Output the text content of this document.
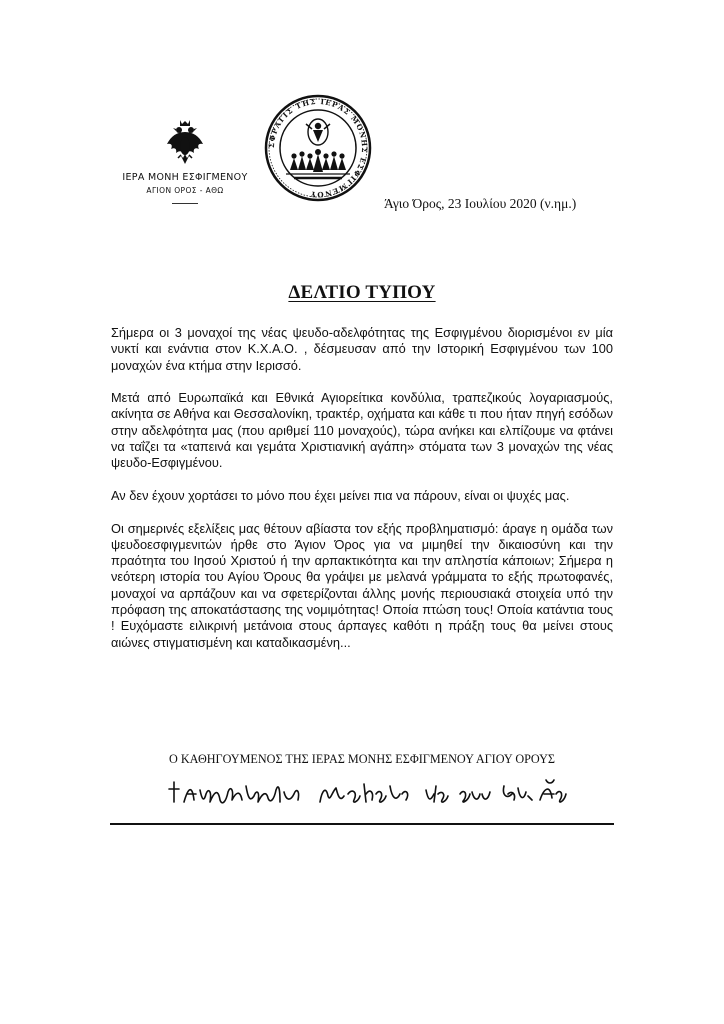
ΙΕΡΑ ΜΟΝΗ ΕΣΦΙΓΜΕΝΟΥ
ΑΓΙΟΝ ΟΡΟΣ - ΑΘΩ
ΣΦΡΑΓΙΣ ΤΗΣ ΙΕΡΑΣ ΜΟΝΗΣ ΕΣΦΙΓΜΕΝΟΥ
Άγιο Όρος, 23 Ιουλίου 2020 (ν.ημ.)
ΔΕΛΤΙΟ ΤΥΠΟΥ

Σήμερα οι 3 μοναχοί της νέας ψευδο-αδελφότητας της Εσφιγμένου διορισμένοι εν μία νυκτί και ενάντια στον Κ.Χ.Α.Ο. , δέσμευσαν από την Ιστορική Εσφιγμένου των 100 μοναχών ένα κτήμα στην Ιερισσό.

Μετά από Ευρωπαϊκά και Εθνικά Αγιορείτικα κονδύλια, τραπεζικούς λογαριασμούς, ακίνητα σε Αθήνα και Θεσσαλονίκη, τρακτέρ, οχήματα και κάθε τι που ήταν πηγή εσόδων στην αδελφότητα μας (που αριθμεί 110 μοναχούς), τώρα ανήκει και ελπίζουμε να φτάνει να ταΐζει τα «ταπεινά και γεμάτα Χριστιανική αγάπη» στόματα των 3 μοναχών της νέας ψευδο-Εσφιγμένου.

Αν δεν έχουν χορτάσει το μόνο που έχει μείνει πια να πάρουν, είναι οι ψυχές μας.

Οι σημερινές εξελίξεις μας θέτουν αβίαστα τον εξής προβληματισμό: άραγε η ομάδα των ψευδοεσφιγμενιτών ήρθε στο Άγιον Όρος για να μιμηθεί την δικαιοσύνη και την πραότητα του Ιησού Χριστού ή την αρπακτικότητα και την απληστία κάποιων; Σήμερα η νεότερη ιστορία του Αγίου Όρους θα γράψει με μελανά γράμματα το εξής πρωτοφανές, μοναχοί να αρπάζουν και να σφετερίζονται άλλης μονής περιουσιακά στοιχεία υπό την πρόφαση της αποκατάστασης της νομιμότητας! Οποία πτώση τους! Οποία κατάντια τους ! Ευχόμαστε ειλικρινή μετάνοια στους άρπαγες καθότι η πράξη τους θα μείνει στους αιώνες στιγματισμένη και καταδικασμένη...

Ο ΚΑΘΗΓΟΥΜΕΝΟΣ ΤΗΣ ΙΕΡΑΣ ΜΟΝΗΣ ΕΣΦΙΓΜΕΝΟΥ ΑΓΙΟΥ ΟΡΟΥΣ
